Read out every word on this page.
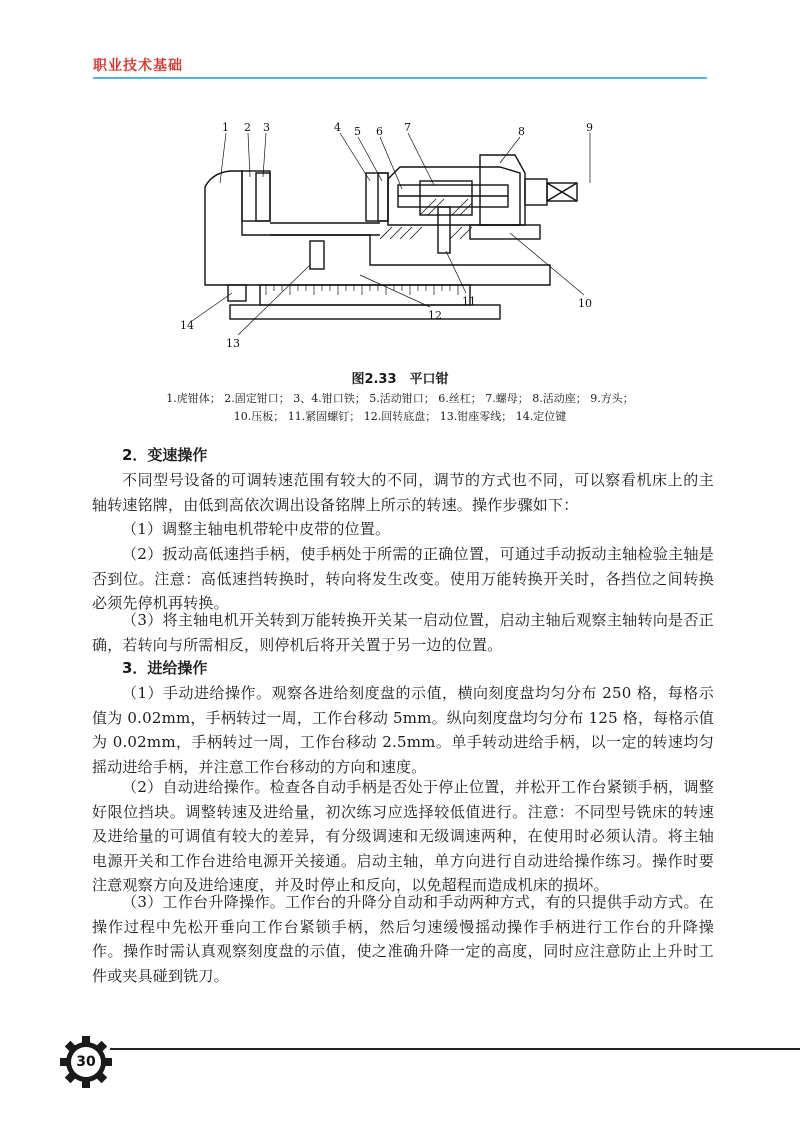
职业技术基础
1 2 3	4 5 6 7	8	9
10
11
12
13
14
图2.33　平口钳
1.虎钳体； 2.固定钳口； 3、4.钳口铁； 5.活动钳口； 6.丝杠； 7.螺母； 8.活动座； 9.方头；
10.压板； 11.紧固螺钉； 12.回转底盘； 13.钳座零线； 14.定位键
2．变速操作
不同型号设备的可调转速范围有较大的不同，调节的方式也不同，可以察看机床上的主轴转速铭牌，由低到高依次调出设备铭牌上所示的转速。操作步骤如下：
（1）调整主轴电机带轮中皮带的位置。
（2）扳动高低速挡手柄，使手柄处于所需的正确位置，可通过手动扳动主轴检验主轴是否到位。注意：高低速挡转换时，转向将发生改变。使用万能转换开关时，各挡位之间转换必须先停机再转换。
（3）将主轴电机开关转到万能转换开关某一启动位置，启动主轴后观察主轴转向是否正确，若转向与所需相反，则停机后将开关置于另一边的位置。
3．进给操作
（1）手动进给操作。观察各进给刻度盘的示值，横向刻度盘均匀分布 250 格，每格示值为 0.02mm，手柄转过一周，工作台移动 5mm。纵向刻度盘均匀分布 125 格，每格示值为 0.02mm，手柄转过一周，工作台移动 2.5mm。单手转动进给手柄，以一定的转速均匀摇动进给手柄，并注意工作台移动的方向和速度。
（2）自动进给操作。检查各自动手柄是否处于停止位置，并松开工作台紧锁手柄，调整好限位挡块。调整转速及进给量，初次练习应选择较低值进行。注意：不同型号铣床的转速及进给量的可调值有较大的差异，有分级调速和无级调速两种，在使用时必须认清。将主轴电源开关和工作台进给电源开关接通。启动主轴，单方向进行自动进给操作练习。操作时要注意观察方向及进给速度，并及时停止和反向，以免超程而造成机床的损坏。
（3）工作台升降操作。工作台的升降分自动和手动两种方式，有的只提供手动方式。在操作过程中先松开垂向工作台紧锁手柄，然后匀速缓慢摇动操作手柄进行工作台的升降操作。操作时需认真观察刻度盘的示值，使之准确升降一定的高度，同时应注意防止上升时工件或夹具碰到铣刀。
30
